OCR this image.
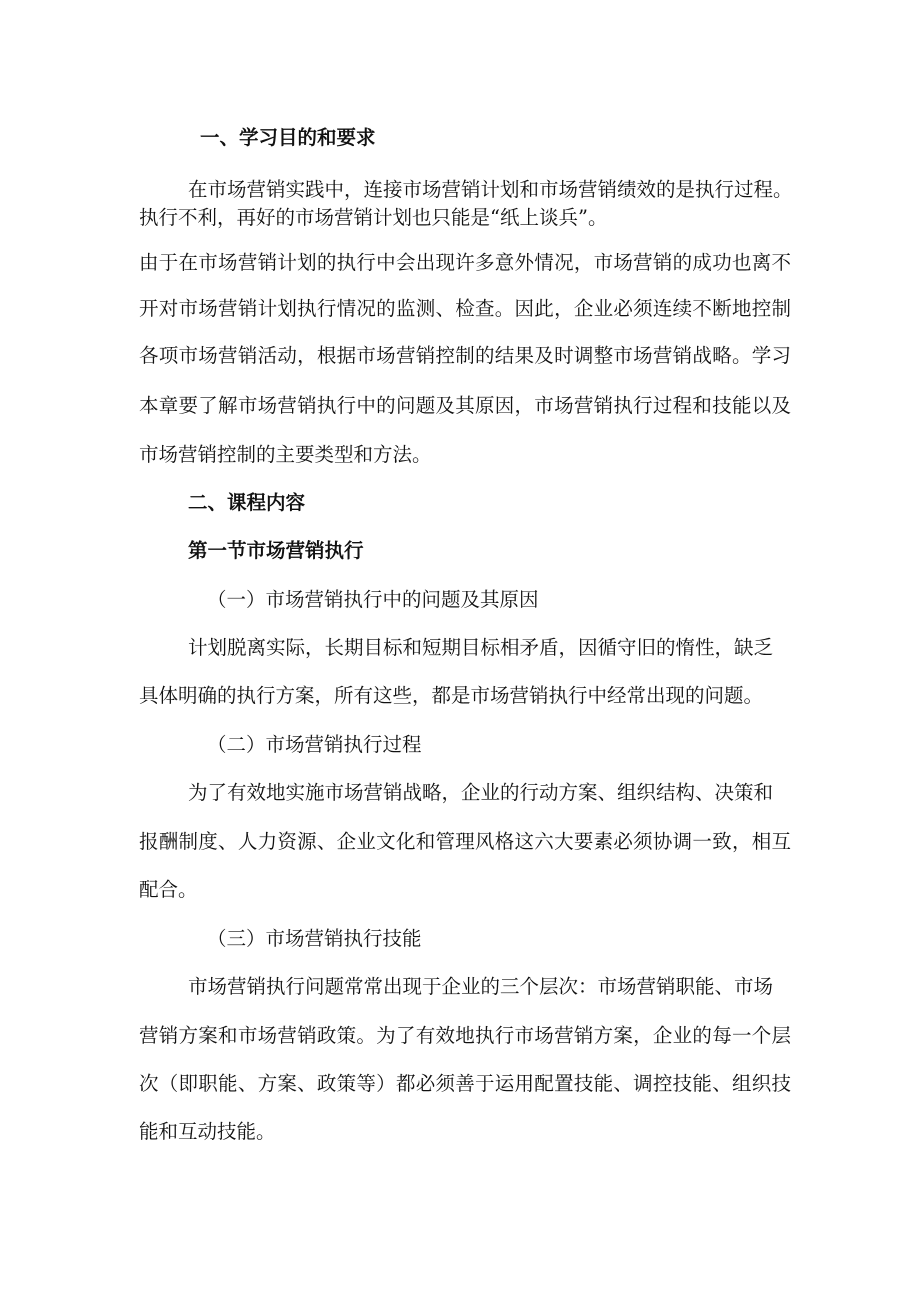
一、学习目的和要求

在市场营销实践中，连接市场营销计划和市场营销绩效的是执行过程。

执行不利，再好的市场营销计划也只能是“纸上谈兵”。

由于在市场营销计划的执行中会出现许多意外情况，市场营销的成功也离不

开对市场营销计划执行情况的监测、检查。因此，企业必须连续不断地控制

各项市场营销活动，根据市场营销控制的结果及时调整市场营销战略。学习

本章要了解市场营销执行中的问题及其原因，市场营销执行过程和技能以及

市场营销控制的主要类型和方法。

二、课程内容

第一节市场营销执行

（一）市场营销执行中的问题及其原因

计划脱离实际，长期目标和短期目标相矛盾，因循守旧的惰性，缺乏

具体明确的执行方案，所有这些，都是市场营销执行中经常出现的问题。

（二）市场营销执行过程

为了有效地实施市场营销战略，企业的行动方案、组织结构、决策和

报酬制度、人力资源、企业文化和管理风格这六大要素必须协调一致，相互

配合。

（三）市场营销执行技能

市场营销执行问题常常出现于企业的三个层次：市场营销职能、市场

营销方案和市场营销政策。为了有效地执行市场营销方案，企业的每一个层

次（即职能、方案、政策等）都必须善于运用配置技能、调控技能、组织技

能和互动技能。
